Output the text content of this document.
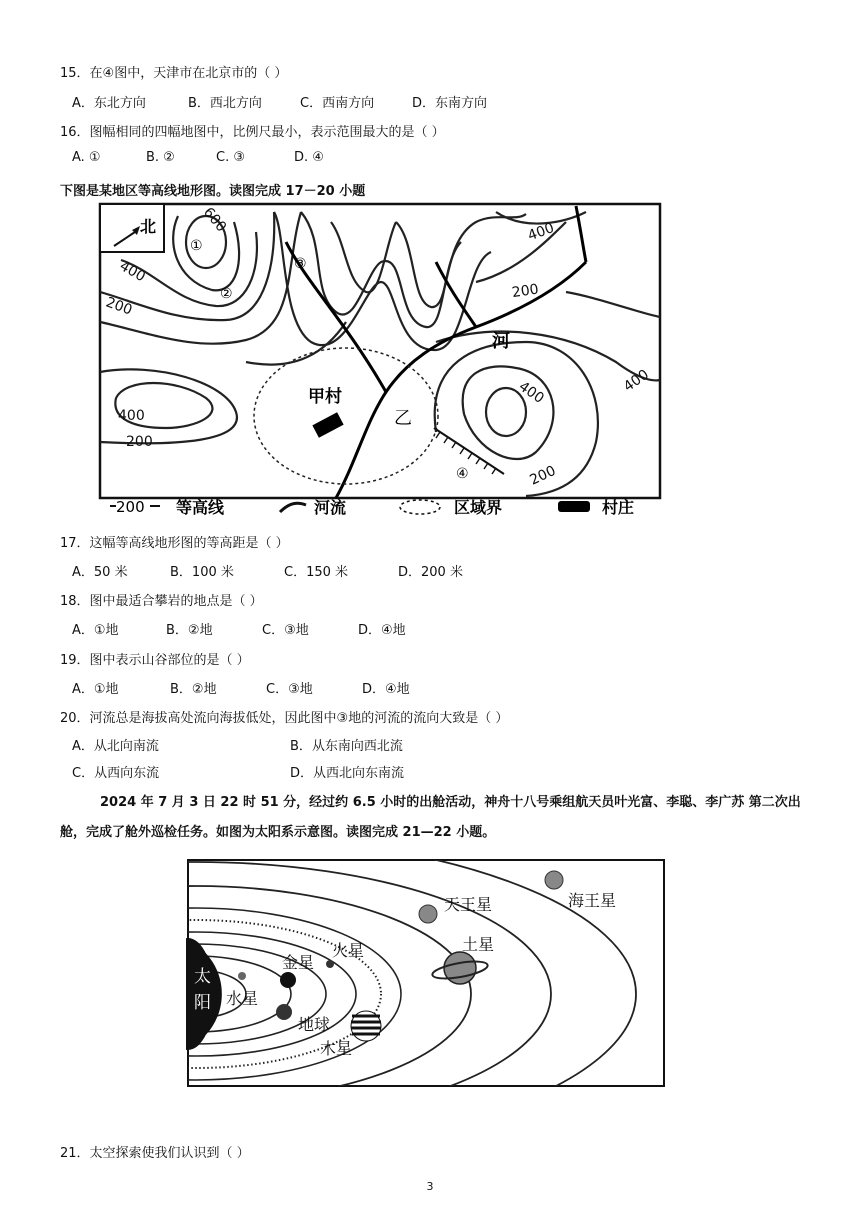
15．在④图中，天津市在北京市的（ ）
A．东北方向	B．西北方向	C．西南方向	D．东南方向
16．图幅相同的四幅地图中，比例尺最小，表示范围最大的是（ ）
A. ①	B. ②	C. ③	D. ④
下图是某地区等高线地形图。读图完成 17－20 小题
北
甲村
乙
河
①
②
③
④
600
400
200
400
200
400
200
400
200
400
200 等高线	河流	区域界	村庄
17．这幅等高线地形图的等高距是（ ）
A．50 米	B．100 米	C．150 米	D．200 米
18．图中最适合攀岩的地点是（ ）
A．①地	B．②地	C．③地	D．④地
19．图中表示山谷部位的是（ ）
A．①地	B．②地	C．③地	D．④地
20．河流总是海拔高处流向海拔低处，因此图中③地的河流的流向大致是（ ）
A．从北向南流	B．从东南向西北流
C．从西向东流	D．从西北向东南流
2024 年 7 月 3 日 22 时 51 分，经过约 6.5 小时的出舱活动，神舟十八号乘组航天员叶光富、李聪、李广苏 第二次出舱，完成了舱外巡检任务。如图为太阳系示意图。读图完成 21—22 小题。
太
阳 水星
金星
地球
火星
木星
土星
天王星	海王星
21．太空探索使我们认识到（ ）
3
